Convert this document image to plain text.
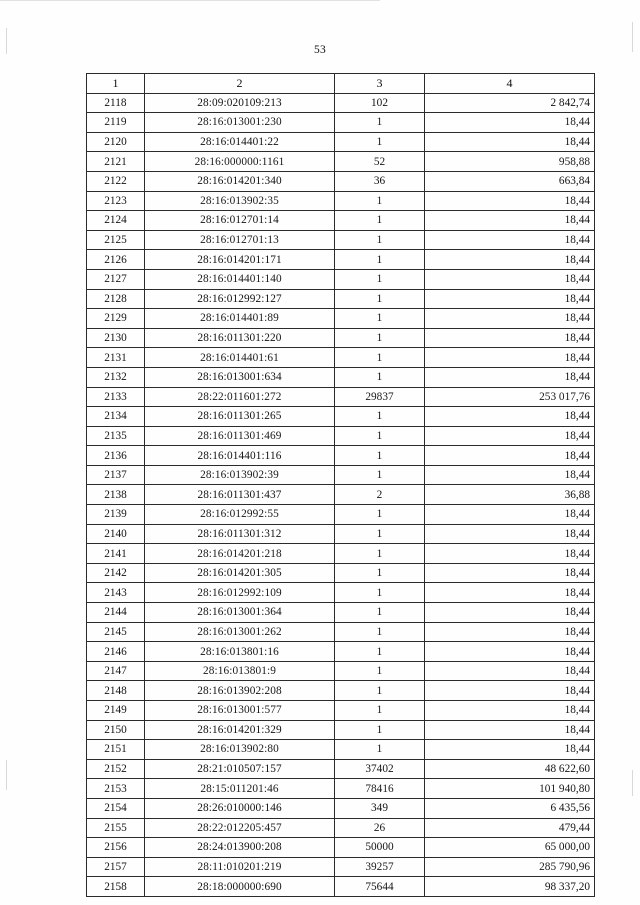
53
1	2	3	4
2118	28:09:020109:213	102	2 842,74
2119	28:16:013001:230	1	18,44
2120	28:16:014401:22	1	18,44
2121	28:16:000000:1161	52	958,88
2122	28:16:014201:340	36	663,84
2123	28:16:013902:35	1	18,44
2124	28:16:012701:14	1	18,44
2125	28:16:012701:13	1	18,44
2126	28:16:014201:171	1	18,44
2127	28:16:014401:140	1	18,44
2128	28:16:012992:127	1	18,44
2129	28:16:014401:89	1	18,44
2130	28:16:011301:220	1	18,44
2131	28:16:014401:61	1	18,44
2132	28:16:013001:634	1	18,44
2133	28:22:011601:272	29837	253 017,76
2134	28:16:011301:265	1	18,44
2135	28:16:011301:469	1	18,44
2136	28:16:014401:116	1	18,44
2137	28:16:013902:39	1	18,44
2138	28:16:011301:437	2	36,88
2139	28:16:012992:55	1	18,44
2140	28:16:011301:312	1	18,44
2141	28:16:014201:218	1	18,44
2142	28:16:014201:305	1	18,44
2143	28:16:012992:109	1	18,44
2144	28:16:013001:364	1	18,44
2145	28:16:013001:262	1	18,44
2146	28:16:013801:16	1	18,44
2147	28:16:013801:9	1	18,44
2148	28:16:013902:208	1	18,44
2149	28:16:013001:577	1	18,44
2150	28:16:014201:329	1	18,44
2151	28:16:013902:80	1	18,44
2152	28:21:010507:157	37402	48 622,60
2153	28:15:011201:46	78416	101 940,80
2154	28:26:010000:146	349	6 435,56
2155	28:22:012205:457	26	479,44
2156	28:24:013900:208	50000	65 000,00
2157	28:11:010201:219	39257	285 790,96
2158	28:18:000000:690	75644	98 337,20
